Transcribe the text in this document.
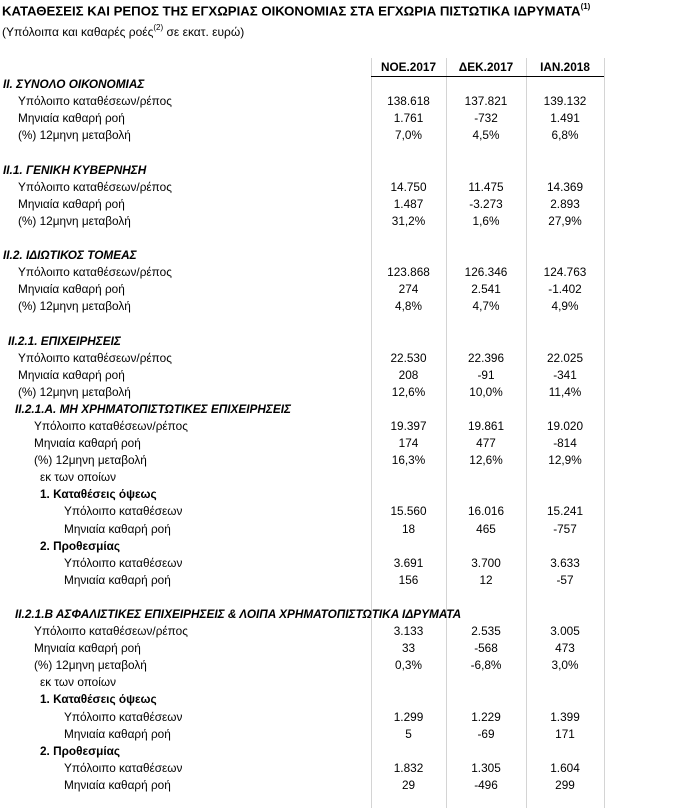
ΚΑΤΑΘΕΣΕΙΣ ΚΑΙ ΡΕΠΟΣ ΤΗΣ ΕΓΧΩΡΙΑΣ ΟΙΚΟΝΟΜΙΑΣ ΣΤΑ ΕΓΧΩΡΙΑ ΠΙΣΤΩΤΙΚΑ ΙΔΡΥΜΑΤΑ$^{(1)}$
(Υπόλοιπα και καθαρές ροές$^{(2)}$ σε εκατ. ευρώ)
ΝΟΕ.2017	ΔΕΚ.2017	ΙΑΝ.2018
II. ΣΥΝΟΛΟ ΟΙΚΟΝΟΜΙΑΣ
Υπόλοιπο καταθέσεων/ρέπος	138.618	137.821	139.132
Μηνιαία καθαρή ροή	1.761	-732	1.491
(%) 12μηνη μεταβολή	7,0%	4,5%	6,8%
II.1. ΓΕΝΙΚΗ ΚΥΒΕΡΝΗΣΗ
Υπόλοιπο καταθέσεων/ρέπος	14.750	11.475	14.369
Μηνιαία καθαρή ροή	1.487	-3.273	2.893
(%) 12μηνη μεταβολή	31,2%	1,6%	27,9%
II.2. ΙΔΙΩΤΙΚΟΣ ΤΟΜΕΑΣ
Υπόλοιπο καταθέσεων/ρέπος	123.868	126.346	124.763
Μηνιαία καθαρή ροή	274	2.541	-1.402
(%) 12μηνη μεταβολή	4,8%	4,7%	4,9%
II.2.1. ΕΠΙΧΕΙΡΗΣΕΙΣ
Υπόλοιπο καταθέσεων/ρέπος	22.530	22.396	22.025
Μηνιαία καθαρή ροή	208	-91	-341
(%) 12μηνη μεταβολή	12,6%	10,0%	11,4%
II.2.1.Α. ΜΗ ΧΡΗΜΑΤΟΠΙΣΤΩΤΙΚΕΣ ΕΠΙΧΕΙΡΗΣΕΙΣ
Υπόλοιπο καταθέσεων/ρέπος	19.397	19.861	19.020
Μηνιαία καθαρή ροή	174	477	-814
(%) 12μηνη μεταβολή	16,3%	12,6%	12,9%
εκ των οποίων
1. Καταθέσεις όψεως
Υπόλοιπο καταθέσεων	15.560	16.016	15.241
Μηνιαία καθαρή ροή	18	465	-757
2. Προθεσμίας
Υπόλοιπο καταθέσεων	3.691	3.700	3.633
Μηνιαία καθαρή ροή	156	12	-57
II.2.1.Β ΑΣΦΑΛΙΣΤΙΚΕΣ ΕΠΙΧΕΙΡΗΣΕΙΣ & ΛΟΙΠΑ ΧΡΗΜΑΤΟΠΙΣΤΩΤΙΚΑ ΙΔΡΥΜΑΤΑ
Υπόλοιπο καταθέσεων/ρέπος	3.133	2.535	3.005
Μηνιαία καθαρή ροή	33	-568	473
(%) 12μηνη μεταβολή	0,3%	-6,8%	3,0%
εκ των οποίων
1. Καταθέσεις όψεως
Υπόλοιπο καταθέσεων	1.299	1.229	1.399
Μηνιαία καθαρή ροή	5	-69	171
2. Προθεσμίας
Υπόλοιπο καταθέσεων	1.832	1.305	1.604
Μηνιαία καθαρή ροή	29	-496	299
